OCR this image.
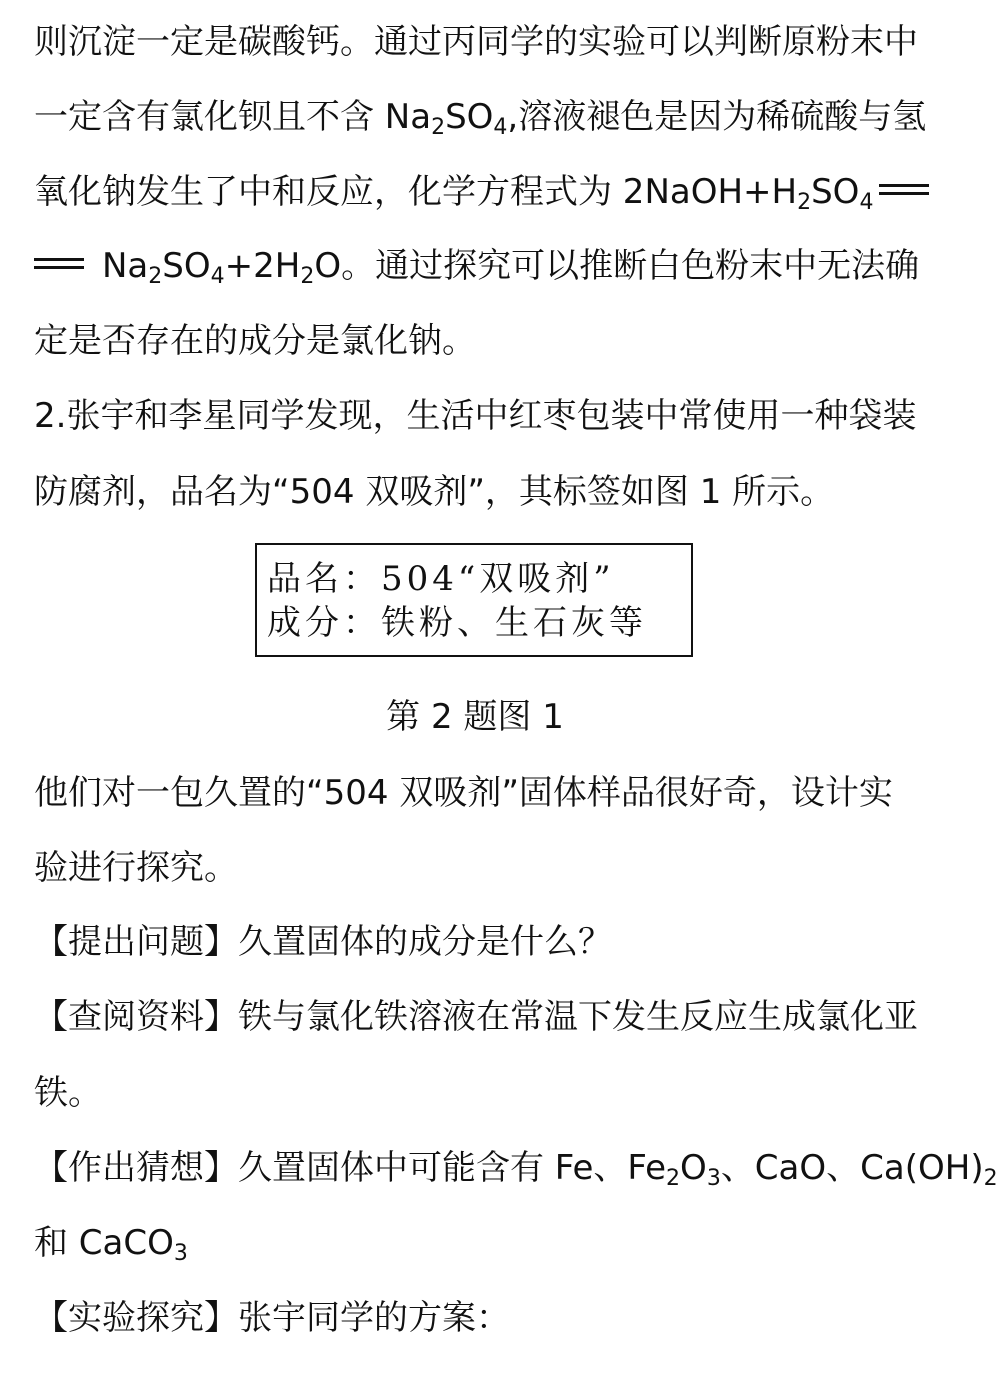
则沉淀一定是碳酸钙。通过丙同学的实验可以判断原粉末中
一定含有氯化钡且不含 $Na_2SO_4$,溶液褪色是因为稀硫酸与氢
氧化钠发生了中和反应，化学方程式为 $2NaOH+H_2SO_4$
$Na_2SO_4+2H_2O$。通过探究可以推断白色粉末中无法确
定是否存在的成分是氯化钠。
2.张宇和李星同学发现，生活中红枣包装中常使用一种袋装
防腐剂，品名为“504 双吸剂”，其标签如图 1 所示。
品名：504“双吸剂”
成分：铁粉、生石灰等
第 2 题图 1
他们对一包久置的“504 双吸剂”固体样品很好奇，设计实
验进行探究。
【提出问题】久置固体的成分是什么？
【查阅资料】铁与氯化铁溶液在常温下发生反应生成氯化亚
铁。
【作出猜想】久置固体中可能含有 Fe、$Fe_2O_3$、CaO、$Ca(OH)_2$
和 CaCO$_3$
【实验探究】张宇同学的方案：
